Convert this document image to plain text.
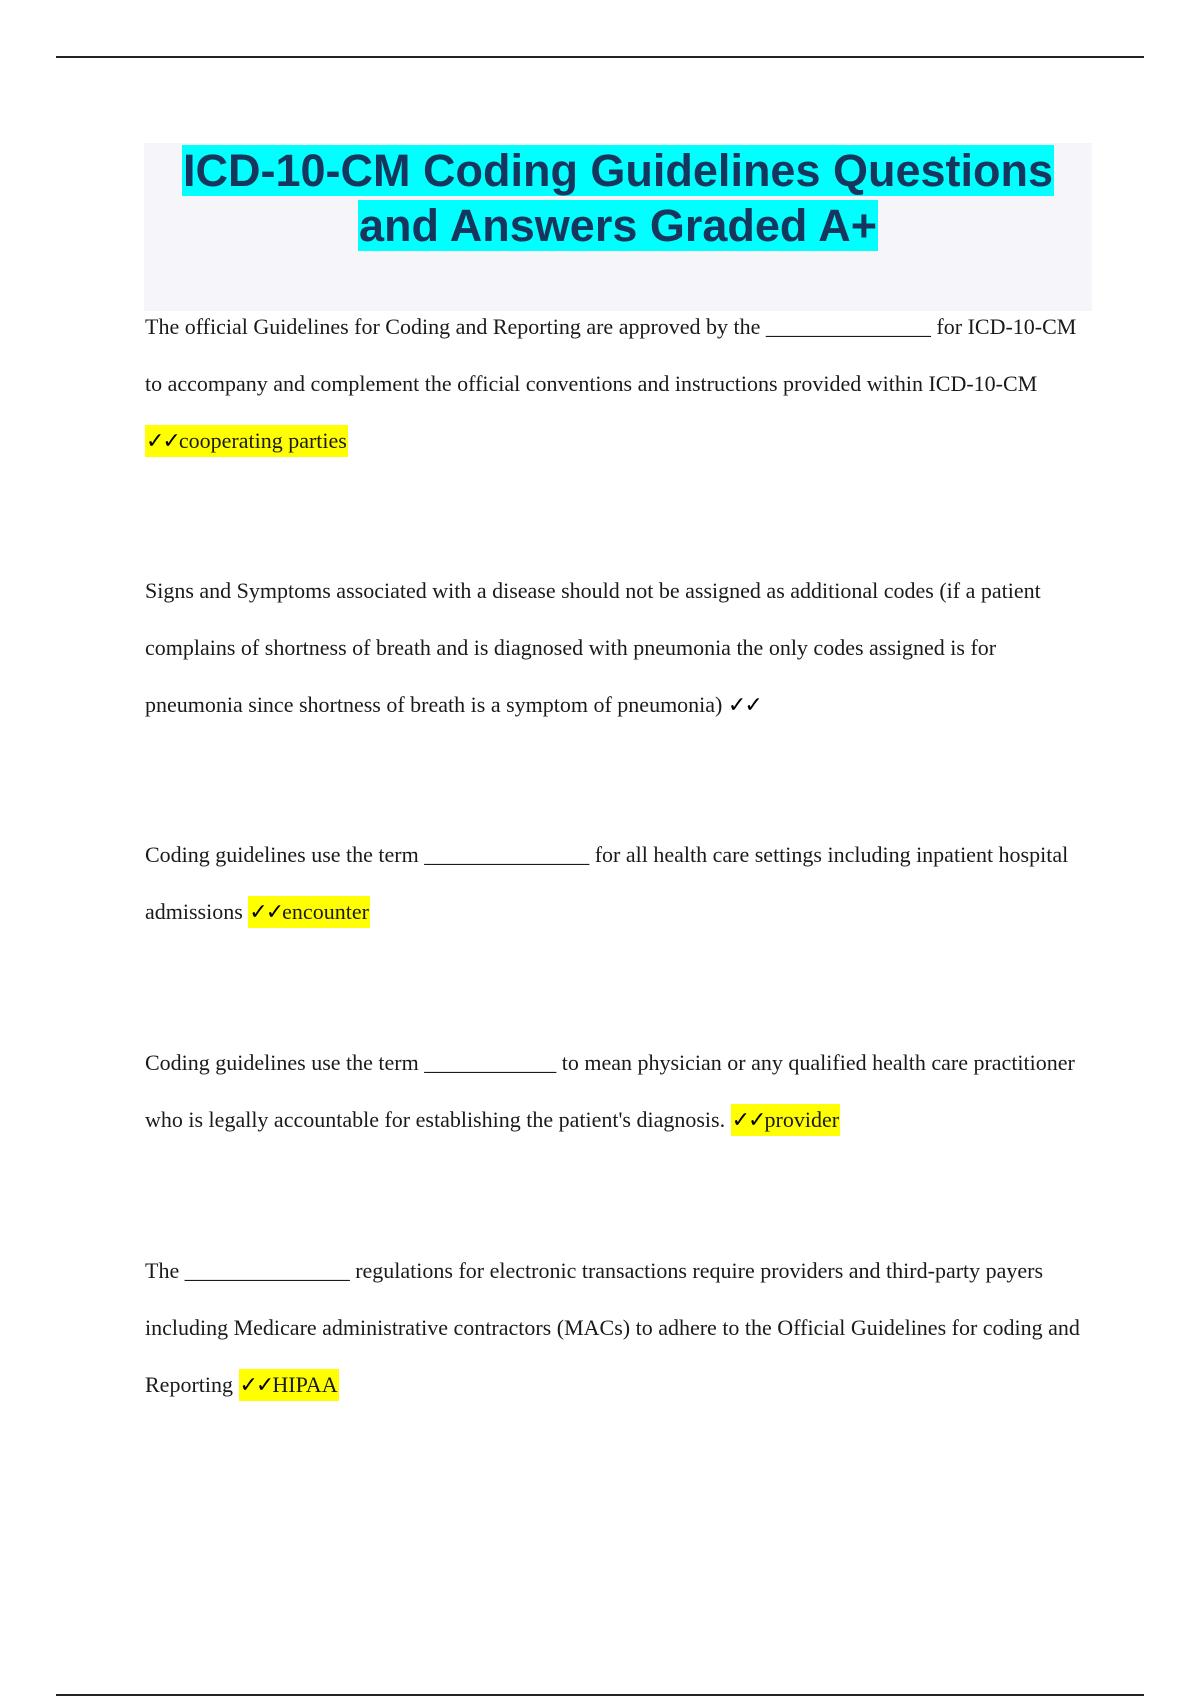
ICD-10-CM Coding Guidelines Questions
and Answers Graded A+

The official Guidelines for Coding and Reporting are approved by the _______________ for ICD-10-CM to accompany and complement the official conventions and instructions provided within ICD-10-CM ✓✓cooperating parties

Signs and Symptoms associated with a disease should not be assigned as additional codes (if a patient complains of shortness of breath and is diagnosed with pneumonia the only codes assigned is for pneumonia since shortness of breath is a symptom of pneumonia) ✓✓

Coding guidelines use the term _______________ for all health care settings including inpatient hospital admissions ✓✓encounter

Coding guidelines use the term ____________ to mean physician or any qualified health care practitioner who is legally accountable for establishing the patient's diagnosis. ✓✓provider

The _______________ regulations for electronic transactions require providers and third-party payers including Medicare administrative contractors (MACs) to adhere to the Official Guidelines for coding and Reporting ✓✓HIPAA
